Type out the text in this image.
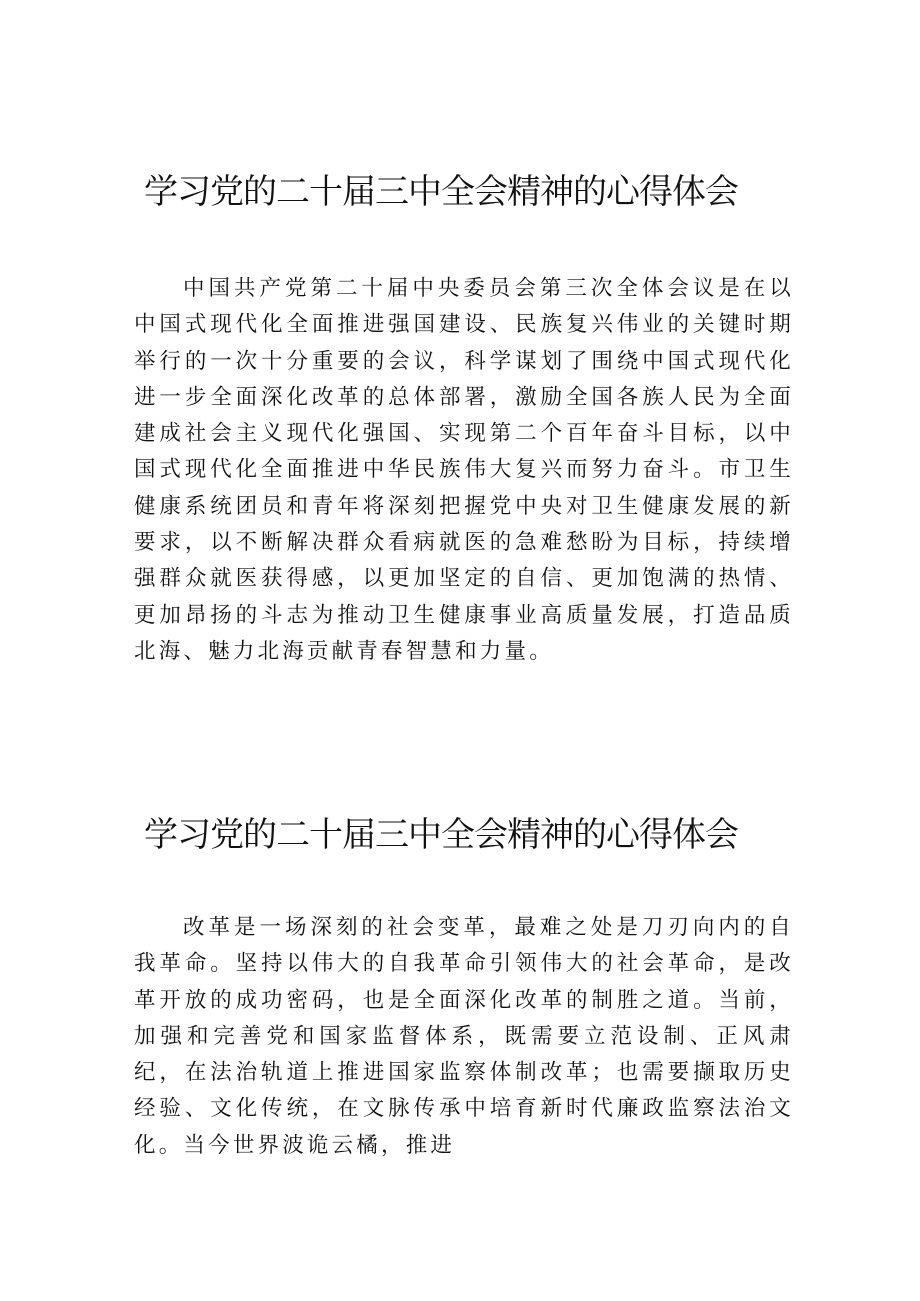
学习党的二十届三中全会精神的心得体会

中国共产党第二十届中央委员会第三次全体会议是在以中国式现代化全面推进强国建设、民族复兴伟业的关键时期举行的一次十分重要的会议，科学谋划了围绕中国式现代化进一步全面深化改革的总体部署，激励全国各族人民为全面建成社会主义现代化强国、实现第二个百年奋斗目标，以中国式现代化全面推进中华民族伟大复兴而努力奋斗。市卫生健康系统团员和青年将深刻把握党中央对卫生健康发展的新要求，以不断解决群众看病就医的急难愁盼为目标，持续增强群众就医获得感，以更加坚定的自信、更加饱满的热情、更加昂扬的斗志为推动卫生健康事业高质量发展，打造品质北海、魅力北海贡献青春智慧和力量。

学习党的二十届三中全会精神的心得体会

改革是一场深刻的社会变革，最难之处是刀刃向内的自我革命。坚持以伟大的自我革命引领伟大的社会革命，是改革开放的成功密码，也是全面深化改革的制胜之道。当前，加强和完善党和国家监督体系，既需要立范设制、正风肃纪，在法治轨道上推进国家监察体制改革；也需要撷取历史经验、文化传统，在文脉传承中培育新时代廉政监察法治文化。当今世界波诡云橘，推进
